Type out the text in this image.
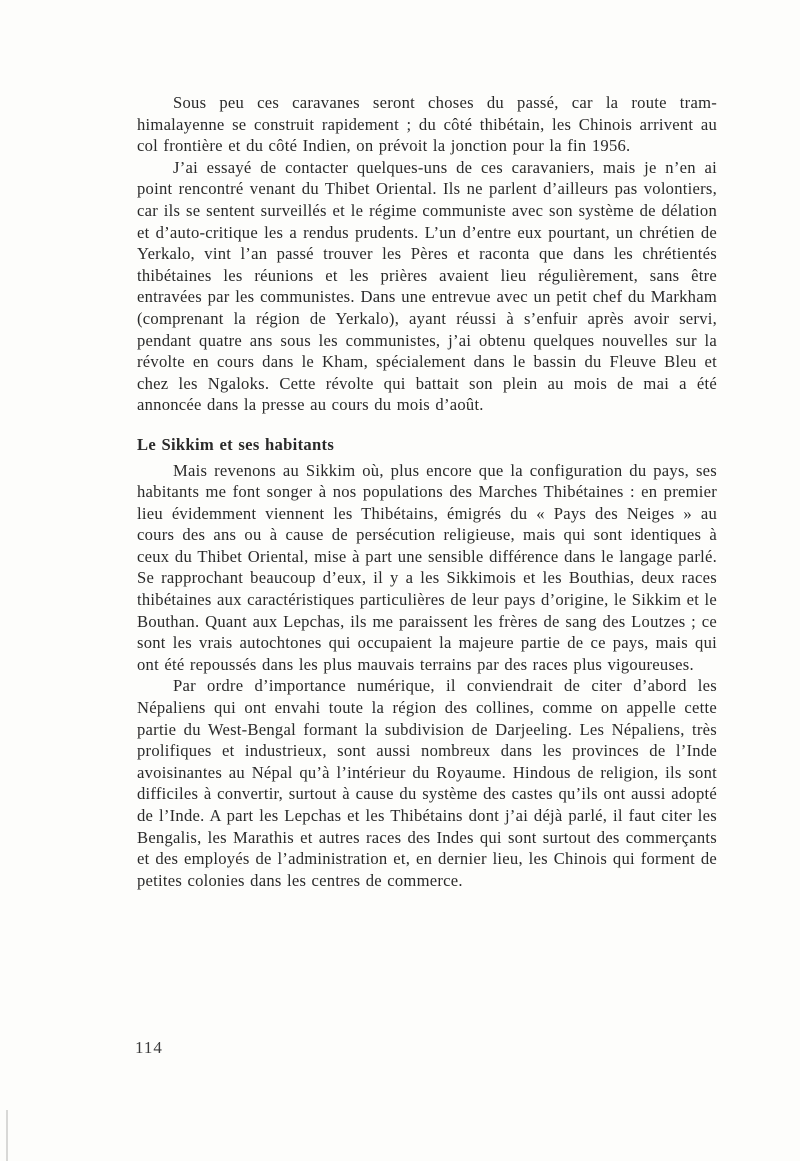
Sous peu ces caravanes seront choses du passé, car la route tram-himalayenne se construit rapidement ; du côté thibétain, les Chinois arrivent au col frontière et du côté Indien, on prévoit la jonction pour la fin 1956.

J’ai essayé de contacter quelques-uns de ces caravaniers, mais je n’en ai point rencontré venant du Thibet Oriental. Ils ne parlent d’ailleurs pas volontiers, car ils se sentent surveillés et le régime communiste avec son système de délation et d’auto-critique les a rendus prudents. L’un d’entre eux pourtant, un chrétien de Yerkalo, vint l’an passé trouver les Pères et raconta que dans les chrétientés thibétaines les réunions et les prières avaient lieu régulièrement, sans être entravées par les communistes. Dans une entrevue avec un petit chef du Markham (comprenant la région de Yerkalo), ayant réussi à s’enfuir après avoir servi, pendant quatre ans sous les communistes, j’ai obtenu quelques nouvelles sur la révolte en cours dans le Kham, spécialement dans le bassin du Fleuve Bleu et chez les Ngaloks. Cette révolte qui battait son plein au mois de mai a été annoncée dans la presse au cours du mois d’août.

Le Sikkim et ses habitants

Mais revenons au Sikkim où, plus encore que la configuration du pays, ses habitants me font songer à nos populations des Marches Thibétaines : en premier lieu évidemment viennent les Thibétains, émigrés du « Pays des Neiges » au cours des ans ou à cause de persécution religieuse, mais qui sont identiques à ceux du Thibet Oriental, mise à part une sensible différence dans le langage parlé. Se rapprochant beaucoup d’eux, il y a les Sikkimois et les Bouthias, deux races thibétaines aux caractéristiques particulières de leur pays d’origine, le Sikkim et le Bouthan. Quant aux Lepchas, ils me paraissent les frères de sang des Loutzes ; ce sont les vrais autochtones qui occupaient la majeure partie de ce pays, mais qui ont été repoussés dans les plus mauvais terrains par des races plus vigoureuses.

Par ordre d’importance numérique, il conviendrait de citer d’abord les Népaliens qui ont envahi toute la région des collines, comme on appelle cette partie du West-Bengal formant la subdivision de Darjeeling. Les Népaliens, très prolifiques et industrieux, sont aussi nombreux dans les provinces de l’Inde avoisinantes au Népal qu’à l’intérieur du Royaume. Hindous de religion, ils sont difficiles à convertir, surtout à cause du système des castes qu’ils ont aussi adopté de l’Inde. A part les Lepchas et les Thibétains dont j’ai déjà parlé, il faut citer les Bengalis, les Marathis et autres races des Indes qui sont surtout des commerçants et des employés de l’administration et, en dernier lieu, les Chinois qui forment de petites colonies dans les centres de commerce.

114
